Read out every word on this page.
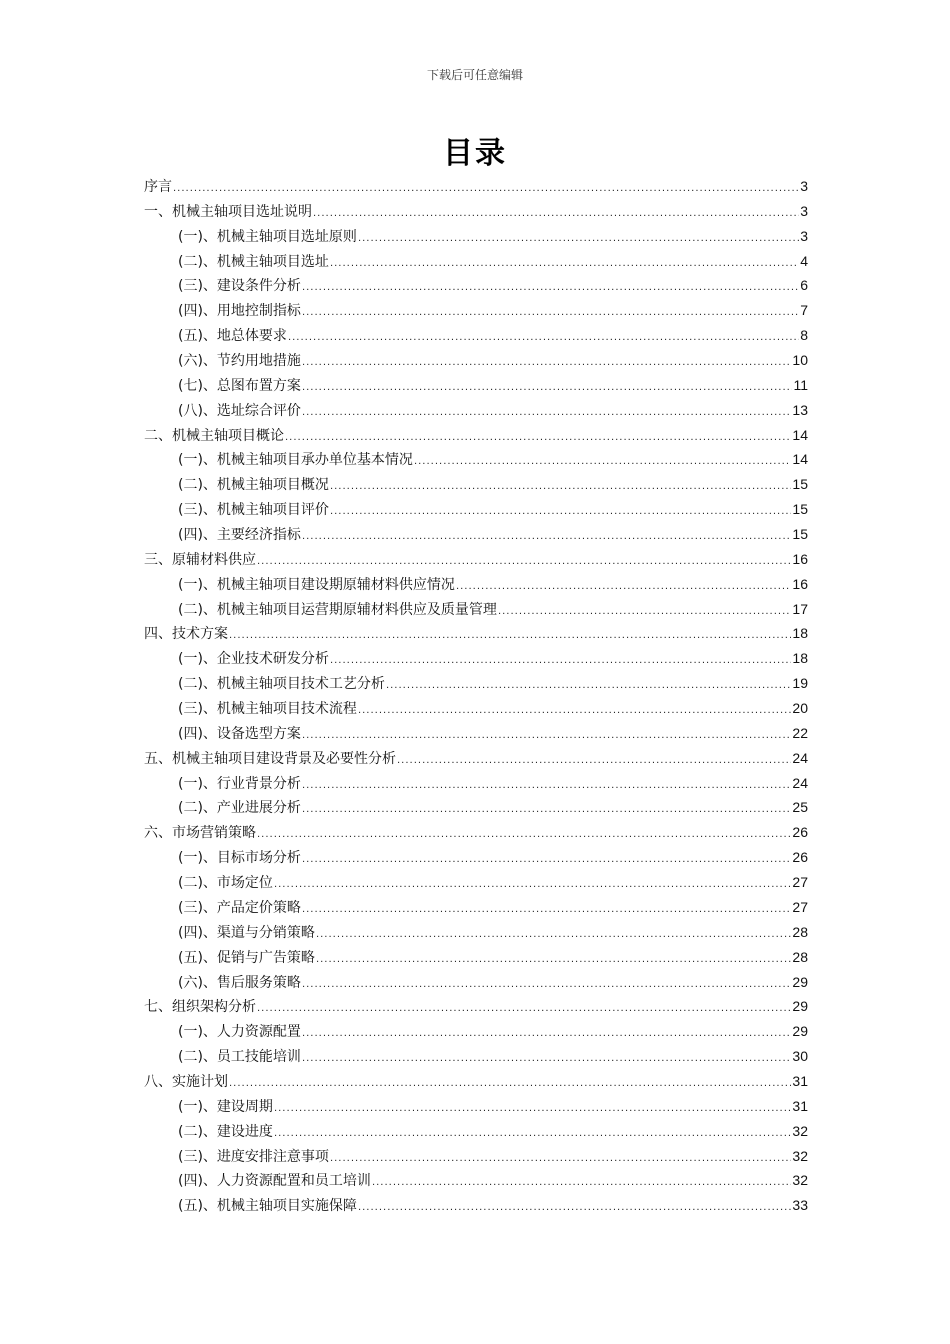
下载后可任意编辑
目录
序言 .....	3
一、机械主轴项目选址说明 .....	3
(一)、机械主轴项目选址原则 .....	3
(二)、机械主轴项目选址 .....	4
(三)、建设条件分析 .....	6
(四)、用地控制指标 .....	7
(五)、地总体要求 .....	8
(六)、节约用地措施 .....	10
(七)、总图布置方案 .....	11
(八)、选址综合评价 .....	13
二、机械主轴项目概论 .....	14
(一)、机械主轴项目承办单位基本情况 .....	14
(二)、机械主轴项目概况 .....	15
(三)、机械主轴项目评价 .....	15
(四)、主要经济指标 .....	15
三、原辅材料供应 .....	16
(一)、机械主轴项目建设期原辅材料供应情况 .....	16
(二)、机械主轴项目运营期原辅材料供应及质量管理 .....	17
四、技术方案 .....	18
(一)、企业技术研发分析 .....	18
(二)、机械主轴项目技术工艺分析 .....	19
(三)、机械主轴项目技术流程 .....	20
(四)、设备选型方案 .....	22
五、机械主轴项目建设背景及必要性分析 .....	24
(一)、行业背景分析 .....	24
(二)、产业进展分析 .....	25
六、市场营销策略 .....	26
(一)、目标市场分析 .....	26
(二)、市场定位 .....	27
(三)、产品定价策略 .....	27
(四)、渠道与分销策略 .....	28
(五)、促销与广告策略 .....	28
(六)、售后服务策略 .....	29
七、组织架构分析 .....	29
(一)、人力资源配置 .....	29
(二)、员工技能培训 .....	30
八、实施计划 .....	31
(一)、建设周期 .....	31
(二)、建设进度 .....	32
(三)、进度安排注意事项 .....	32
(四)、人力资源配置和员工培训 .....	32
(五)、机械主轴项目实施保障 .....	33
